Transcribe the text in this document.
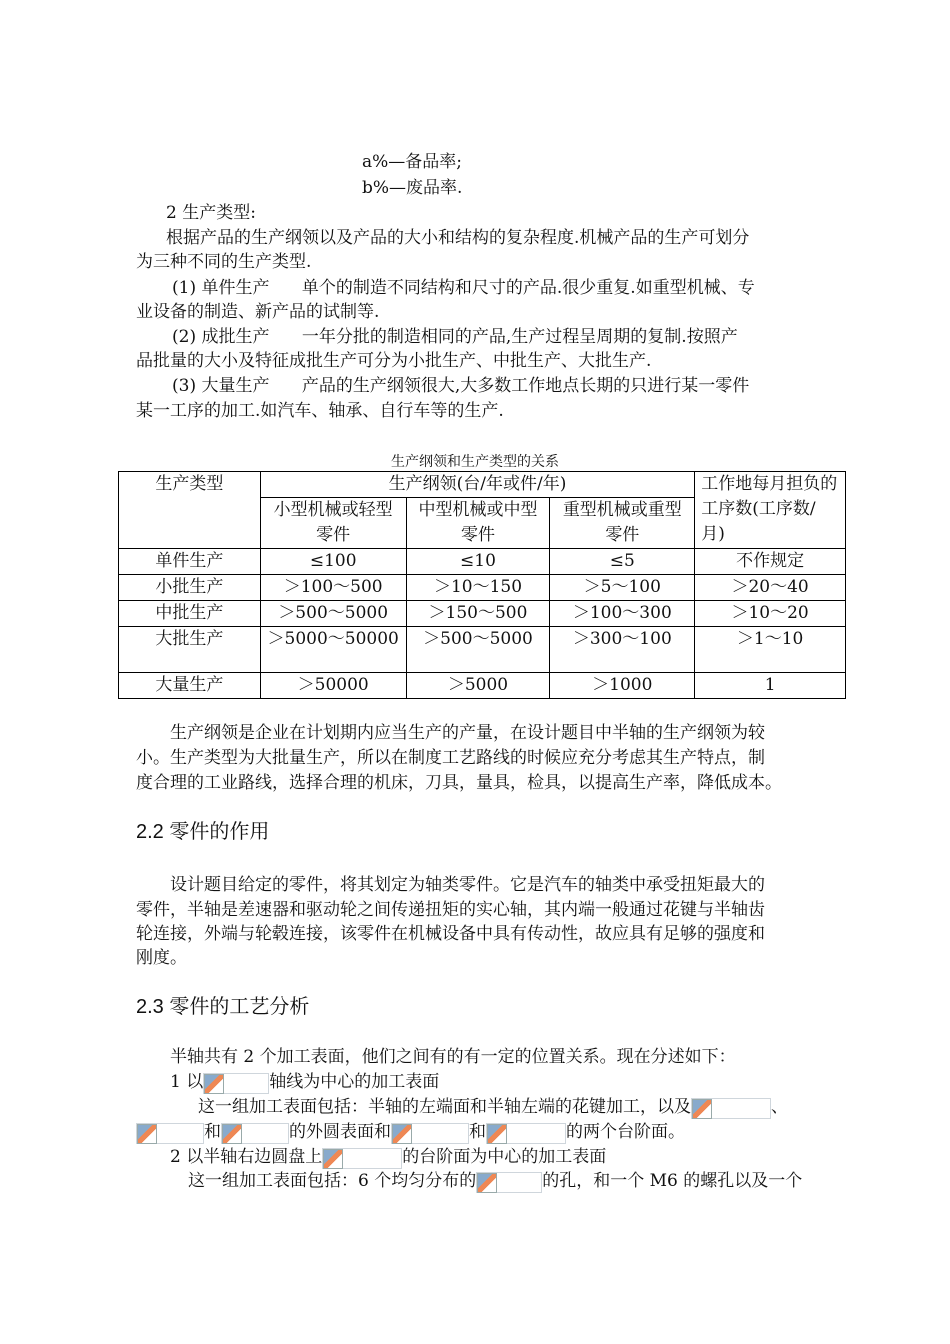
a%—备品率;
b%—废品率.
2 生产类型:
根据产品的生产纲领以及产品的大小和结构的复杂程度.机械产品的生产可划分
为三种不同的生产类型.
(1) 单件生产      单个的制造不同结构和尺寸的产品.很少重复.如重型机械、专
业设备的制造、新产品的试制等.
(2) 成批生产      一年分批的制造相同的产品,生产过程呈周期的复制.按照产
品批量的大小及特征成批生产可分为小批生产、中批生产、大批生产.
(3) 大量生产      产品的生产纲领很大,大多数工作地点长期的只进行某一零件
某一工序的加工.如汽车、轴承、自行车等的生产.
生产纲领和生产类型的关系
生产类型	生产纲领(台/年或件/年)			工作地每月担负的工序数(工序数/月)
	小型机械或轻型零件	中型机械或中型零件	重型机械或重型零件	
单件生产	≤100	≤10	≤5	不作规定
小批生产	＞100～500	＞10～150	＞5～100	＞20～40
中批生产	＞500～5000	＞150～500	＞100～300	＞10～20
大批生产	＞5000～50000	＞500～5000	＞300～100	＞1～10
大量生产	＞50000	＞5000	＞1000	1
生产纲领是企业在计划期内应当生产的产量，在设计题目中半轴的生产纲领为较
小。生产类型为大批量生产，所以在制度工艺路线的时候应充分考虑其生产特点，制
度合理的工业路线，选择合理的机床，刀具，量具，检具，以提高生产率，降低成本。
2.2 零件的作用
设计题目给定的零件，将其划定为轴类零件。它是汽车的轴类中承受扭矩最大的
零件，半轴是差速器和驱动轮之间传递扭矩的实心轴，其内端一般通过花键与半轴齿
轮连接，外端与轮毂连接，该零件在机械设备中具有传动性，故应具有足够的强度和
刚度。
2.3 零件的工艺分析
半轴共有 2 个加工表面，他们之间有的有一定的位置关系。现在分述如下：
1 以	轴线为中心的加工表面
这一组加工表面包括：半轴的左端面和半轴左端的花键加工，以及	、
和	的外圆表面和	和	的两个台阶面。
2 以半轴右边圆盘上	的台阶面为中心的加工表面
这一组加工表面包括：6 个均匀分布的	的孔，和一个 M6 的螺孔以及一个
